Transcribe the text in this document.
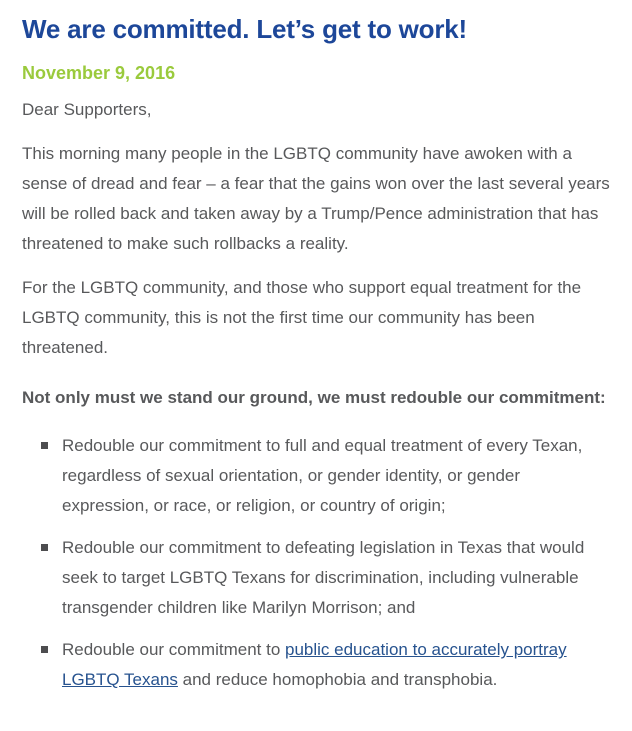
We are committed. Let’s get to work!
November 9, 2016

Dear Supporters,

This morning many people in the LGBTQ community have awoken with a sense of dread and fear – a fear that the gains won over the last several years will be rolled back and taken away by a Trump/Pence administration that has threatened to make such rollbacks a reality.

For the LGBTQ community, and those who support equal treatment for the LGBTQ community, this is not the first time our community has been threatened.

Not only must we stand our ground, we must redouble our commitment:

Redouble our commitment to full and equal treatment of every Texan, regardless of sexual orientation, or gender identity, or gender expression, or race, or religion, or country of origin;
Redouble our commitment to defeating legislation in Texas that would seek to target LGBTQ Texans for discrimination, including vulnerable transgender children like Marilyn Morrison; and
Redouble our commitment to public education to accurately portray LGBTQ Texans and reduce homophobia and transphobia.
